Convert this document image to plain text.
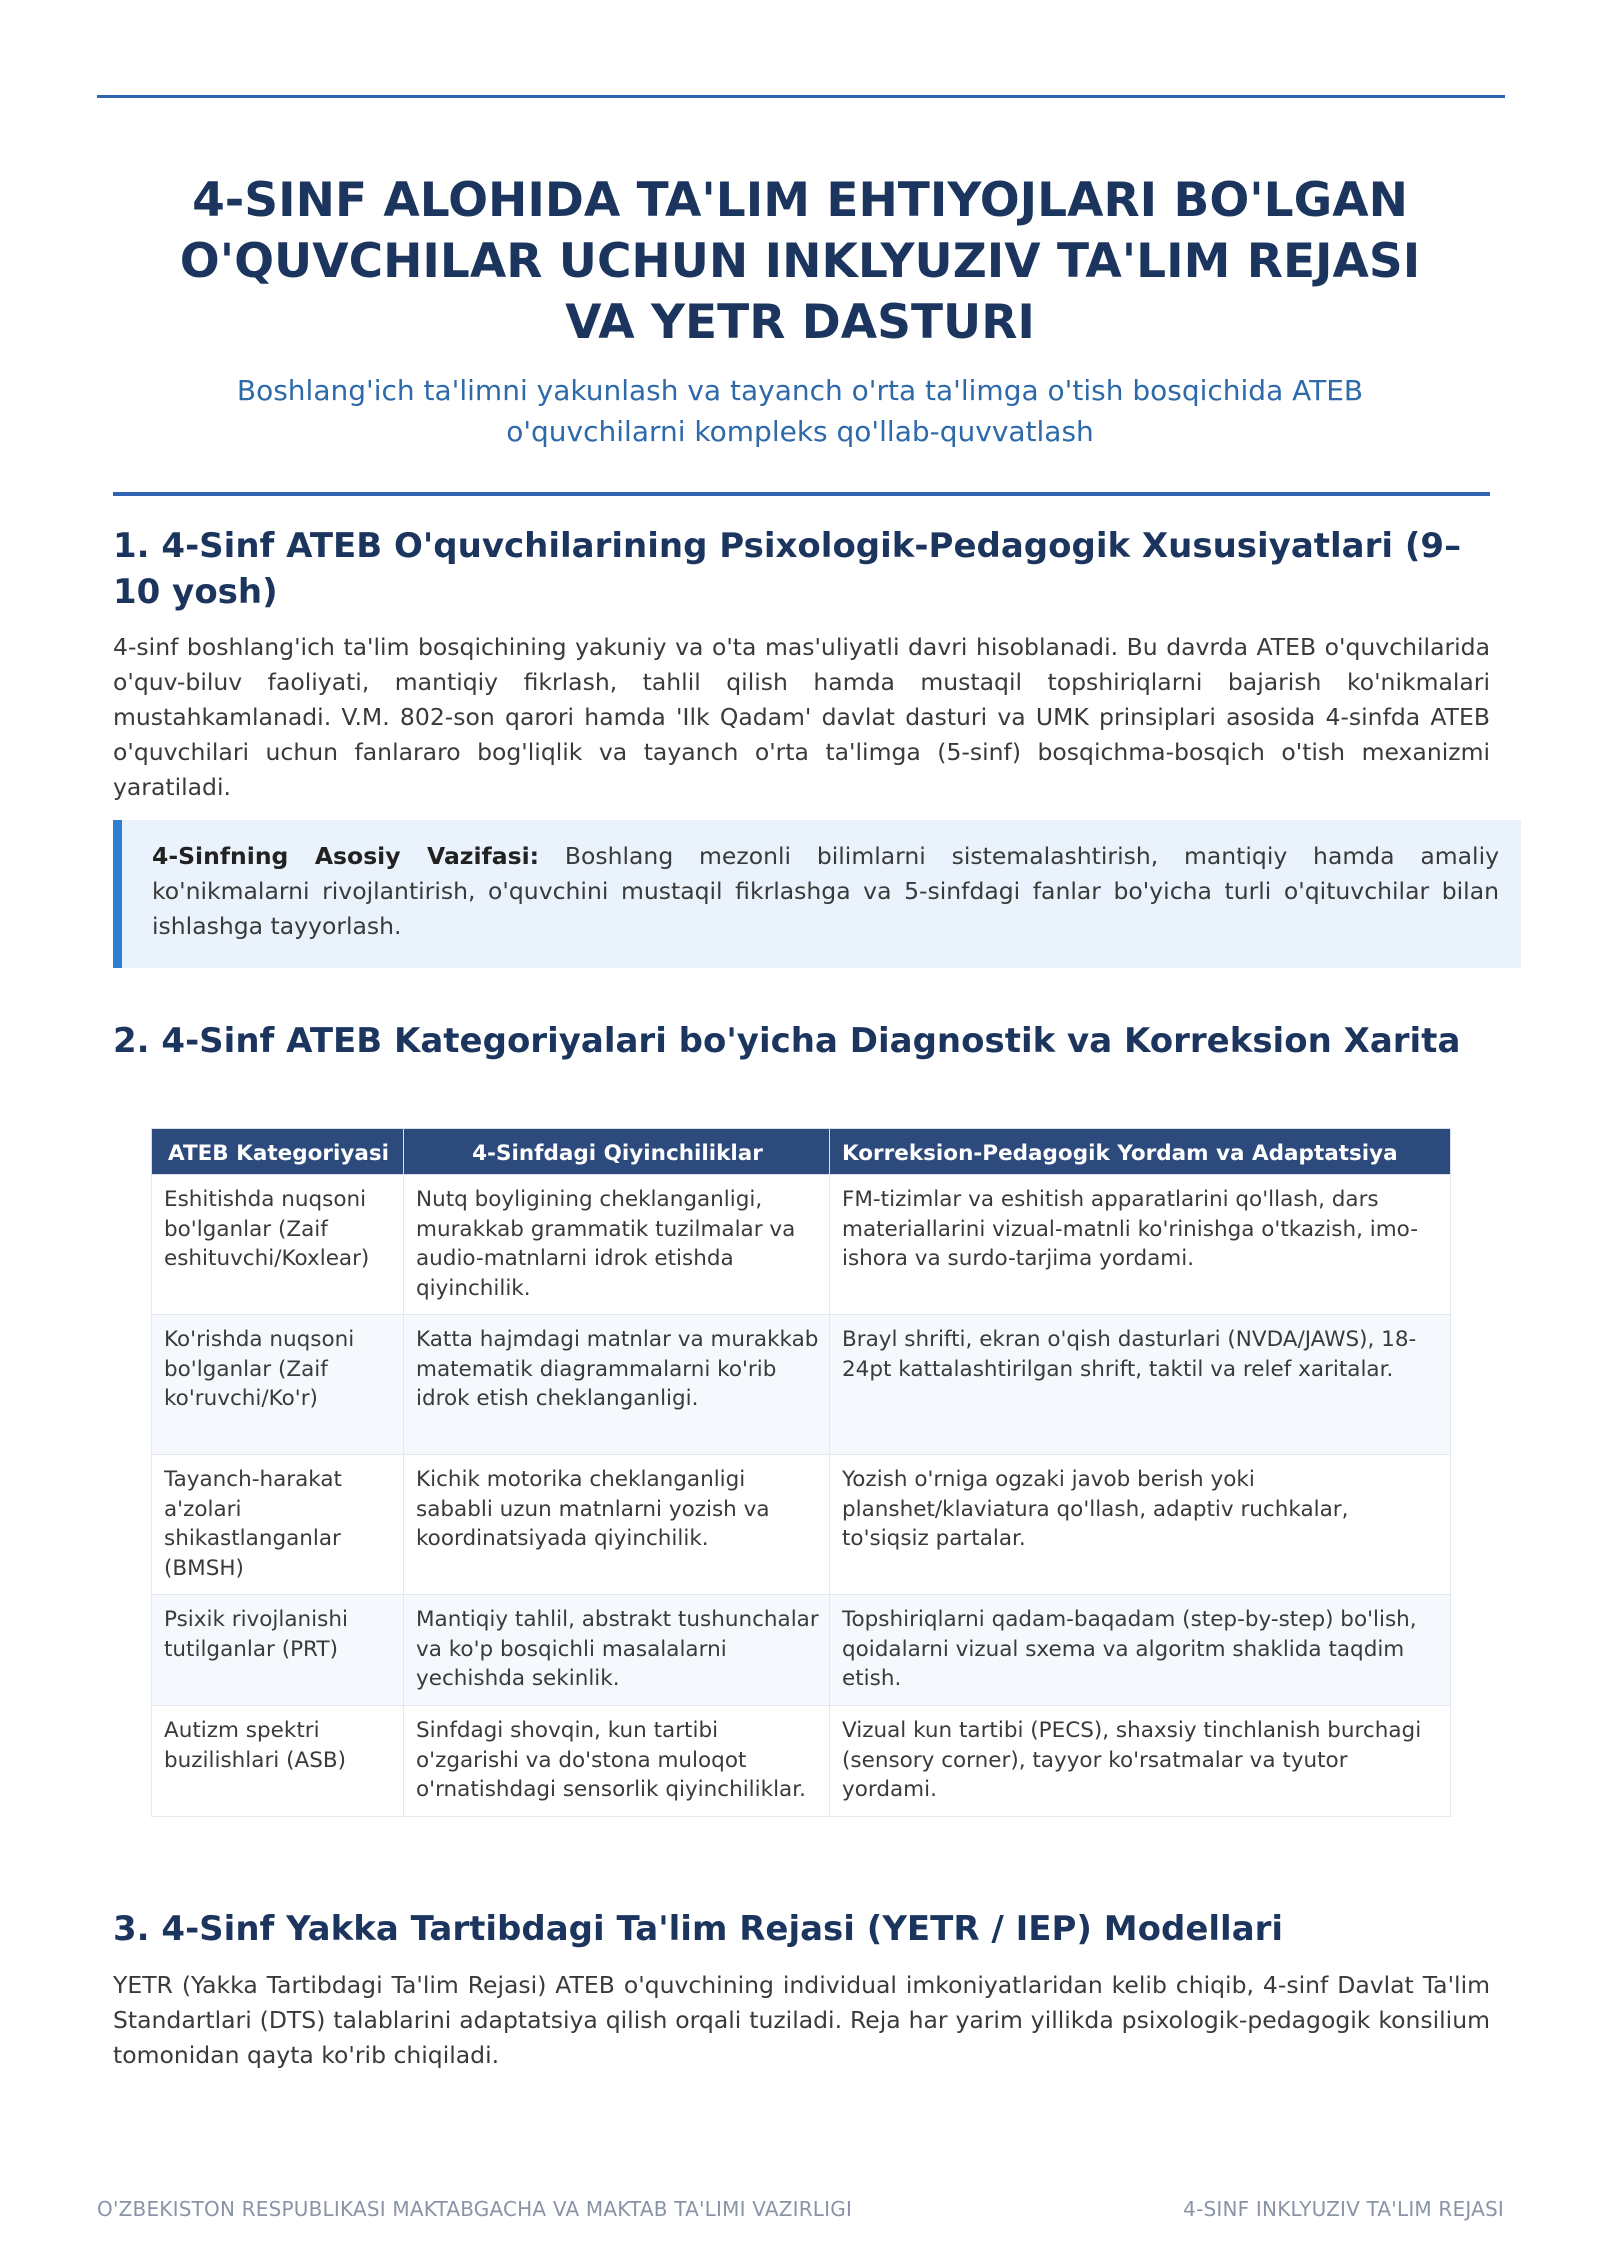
4-SINF ALOHIDA TA'LIM EHTIYOJLARI BO'LGAN O'QUVCHILAR UCHUN INKLYUZIV TA'LIM REJASI VA YETR DASTURI

Boshlang'ich ta'limni yakunlash va tayanch o'rta ta'limga o'tish bosqichida ATEB o'quvchilarni kompleks qo'llab-quvvatlash

1. 4-Sinf ATEB O'quvchilarining Psixologik-Pedagogik Xususiyatlari (9–10 yosh)

4-sinf boshlang'ich ta'lim bosqichining yakuniy va o'ta mas'uliyatli davri hisoblanadi. Bu davrda ATEB o'quvchilarida o'quv-biluv faoliyati, mantiqiy fikrlash, tahlil qilish hamda mustaqil topshiriqlarni bajarish ko'nikmalari mustahkamlanadi. V.M. 802-son qarori hamda 'Ilk Qadam' davlat dasturi va UMK prinsiplari asosida 4-sinfda ATEB o'quvchilari uchun fanlararo bog'liqlik va tayanch o'rta ta'limga (5-sinf) bosqichma-bosqich o'tish mexanizmi yaratiladi.

4-Sinfning Asosiy Vazifasi: Boshlang mezonli bilimlarni sistemalashtirish, mantiqiy hamda amaliy ko'nikmalarni rivojlantirish, o'quvchini mustaqil fikrlashga va 5-sinfdagi fanlar bo'yicha turli o'qituvchilar bilan ishlashga tayyorlash.

2. 4-Sinf ATEB Kategoriyalari bo'yicha Diagnostik va Korreksion Xarita
ATEB Kategoriyasi	4-Sinfdagi Qiyinchiliklar	Korreksion-Pedagogik Yordam va Adaptatsiya
Eshitishda nuqsoni bo'lganlar (Zaif eshituvchi/Koxlear)	Nutq boyligining cheklanganligi, murakkab grammatik tuzilmalar va audio-matnlarni idrok etishda qiyinchilik.	FM-tizimlar va eshitish apparatlarini qo'llash, dars materiallarini vizual-matnli ko'rinishga o'tkazish, imo-ishora va surdo-tarjima yordami.
Ko'rishda nuqsoni bo'lganlar (Zaif ko'ruvchi/Ko'r)	Katta hajmdagi matnlar va murakkab matematik diagrammalarni ko'rib idrok etish cheklanganligi.	Brayl shrifti, ekran o'qish dasturlari (NVDA/JAWS), 18-24pt kattalashtirilgan shrift, taktil va relef xaritalar.
Tayanch-harakat a'zolari shikastlanganlar (BMSH)	Kichik motorika cheklanganligi sababli uzun matnlarni yozish va koordinatsiyada qiyinchilik.	Yozish o'rniga ogzaki javob berish yoki planshet/klaviatura qo'llash, adaptiv ruchkalar, to'siqsiz partalar.
Psixik rivojlanishi tutilganlar (PRT)	Mantiqiy tahlil, abstrakt tushunchalar va ko'p bosqichli masalalarni yechishda sekinlik.	Topshiriqlarni qadam-baqadam (step-by-step) bo'lish, qoidalarni vizual sxema va algoritm shaklida taqdim etish.
Autizm spektri buzilishlari (ASB)	Sinfdagi shovqin, kun tartibi o'zgarishi va do'stona muloqot o'rnatishdagi sensorlik qiyinchiliklar.	Vizual kun tartibi (PECS), shaxsiy tinchlanish burchagi (sensory corner), tayyor ko'rsatmalar va tyutor yordami.
3. 4-Sinf Yakka Tartibdagi Ta'lim Rejasi (YETR / IEP) Modellari

YETR (Yakka Tartibdagi Ta'lim Rejasi) ATEB o'quvchining individual imkoniyatlaridan kelib chiqib, 4-sinf Davlat Ta'lim Standartlari (DTS) talablarini adaptatsiya qilish orqali tuziladi. Reja har yarim yillikda psixologik-pedagogik konsilium tomonidan qayta ko'rib chiqiladi.

O'ZBEKISTON RESPUBLIKASI MAKTABGACHA VA MAKTAB TA'LIMI VAZIRLIGI	4-SINF INKLYUZIV TA'LIM REJASI
